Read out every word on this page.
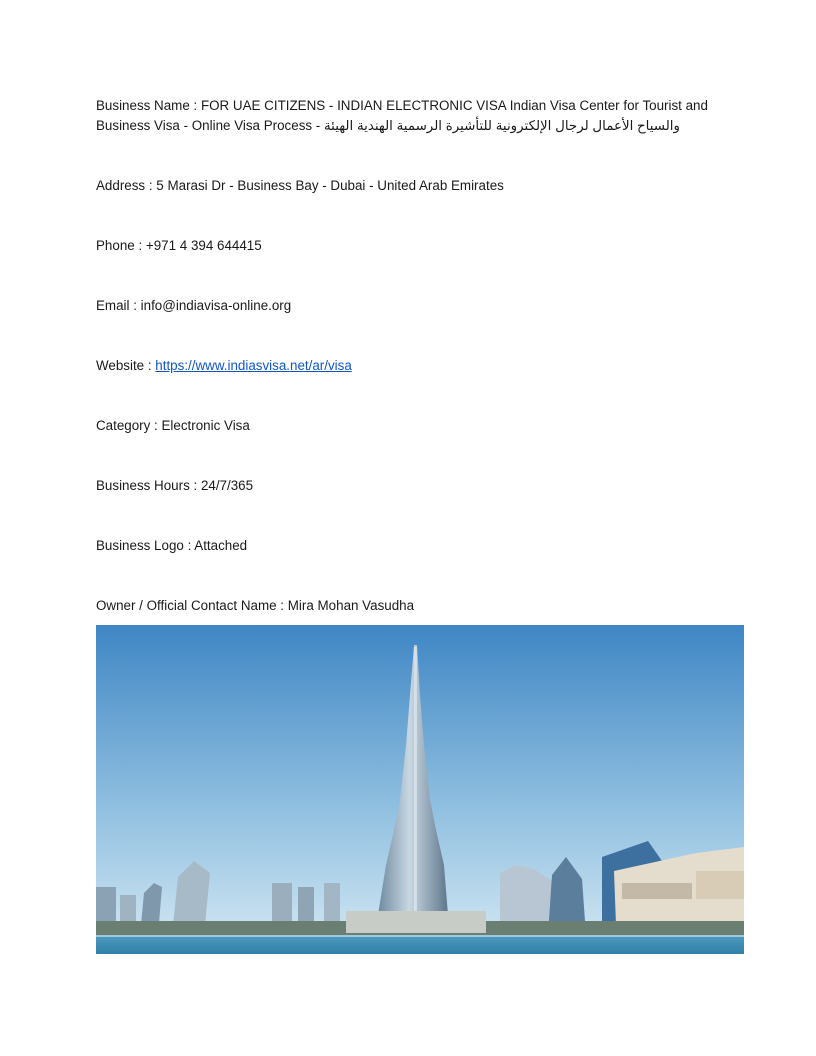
Business Name : FOR UAE CITIZENS - INDIAN ELECTRONIC VISA Indian Visa Center for Tourist and
Business Visa - Online Visa Process - والسياح الأعمال لرجال الإلكترونية للتأشيرة الرسمية الهندية الهيئة
Address : 5 Marasi Dr - Business Bay - Dubai - United Arab Emirates
Phone : +971 4 394 644415
Email : info@indiavisa-online.org
Website : https://www.indiasvisa.net/ar/visa
Category : Electronic Visa
Business Hours : 24/7/365
Business Logo : Attached
Owner / Official Contact Name : Mira Mohan Vasudha
